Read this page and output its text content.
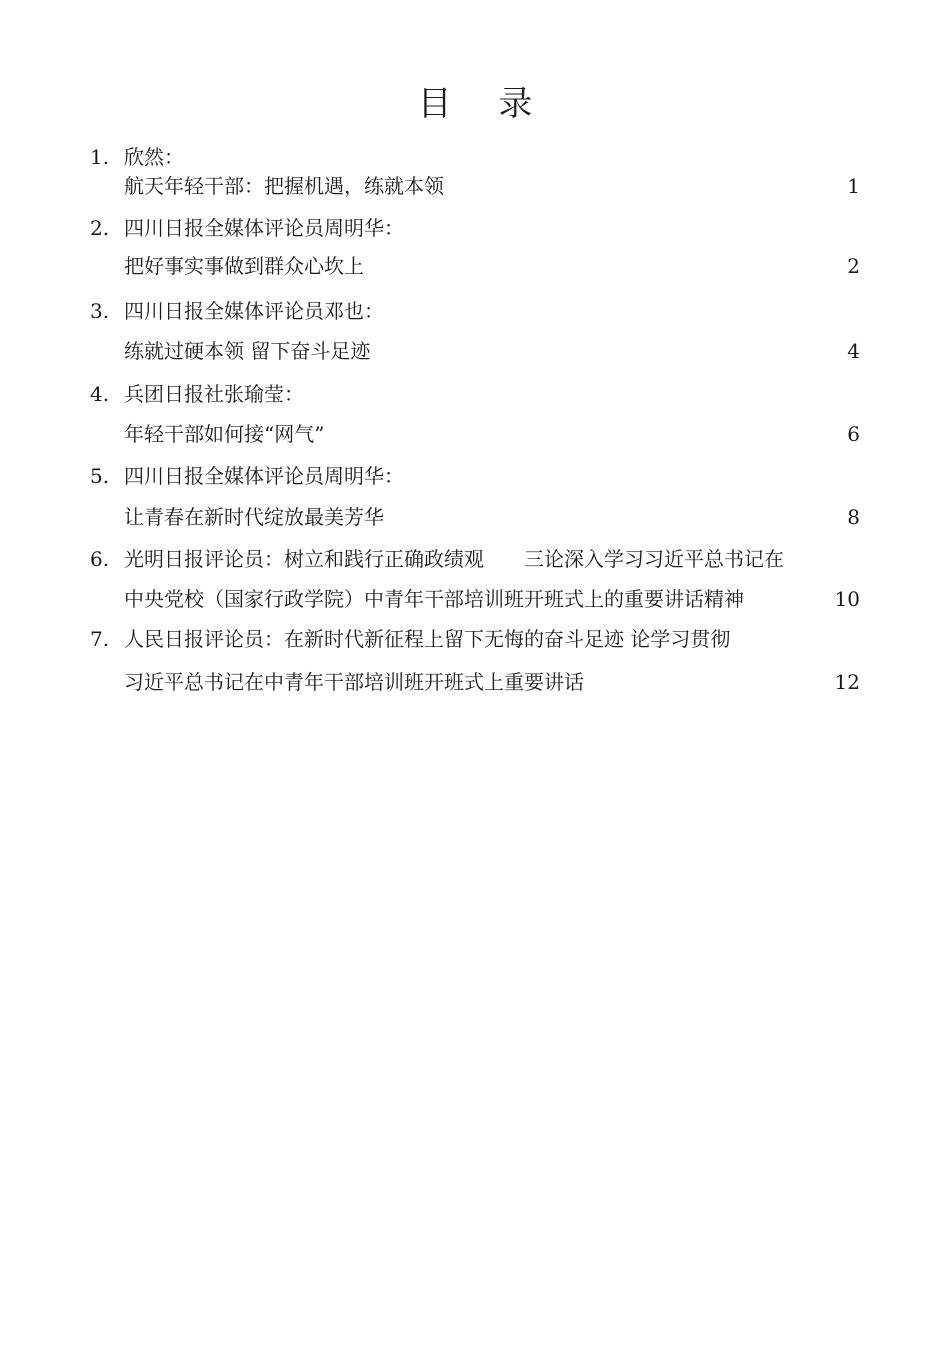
目 录
1. 欣然：
航天年轻干部：把握机遇，练就本领	1
2. 四川日报全媒体评论员周明华：
把好事实事做到群众心坎上	2
3. 四川日报全媒体评论员邓也：
练就过硬本领 留下奋斗足迹	4
4. 兵团日报社张瑜莹：
年轻干部如何接“网气”	6
5. 四川日报全媒体评论员周明华：
让青春在新时代绽放最美芳华	8
6. 光明日报评论员：树立和践行正确政绩观　　三论深入学习习近平总书记在
中央党校（国家行政学院）中青年干部培训班开班式上的重要讲话精神	10
7. 人民日报评论员：在新时代新征程上留下无悔的奋斗足迹 论学习贯彻
习近平总书记在中青年干部培训班开班式上重要讲话	12
